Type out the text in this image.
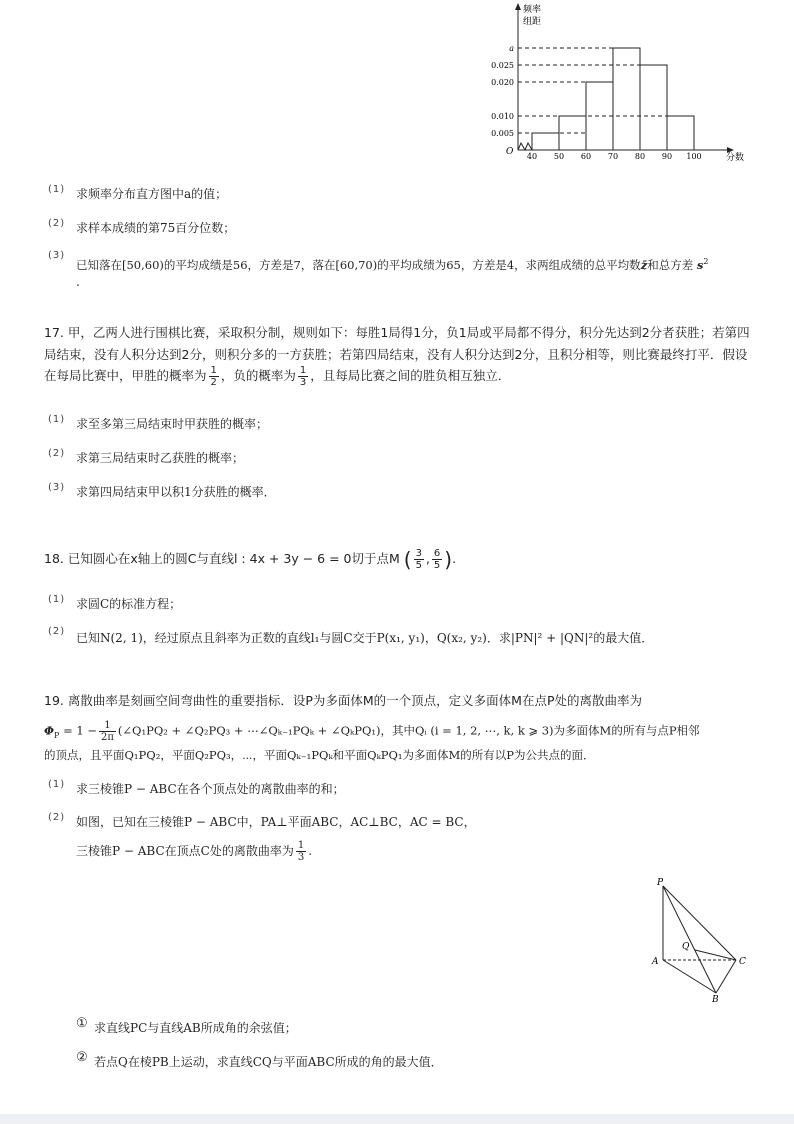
频率
组距
分数
O
a
0.025
0.020
0.010
0.005
40 50 60 70 80 90 100
(1) 求频率分布直方图中a的值；
(2) 求样本成绩的第75百分位数；
(3)
已知落在[50,60)的平均成绩是56，方差是7，落在[60,70)的平均成绩为65，方差是4，求两组成绩的总平均数z̄和总方差 $s^2$
.
17. 甲，乙两人进行围棋比赛，采取积分制，规则如下：每胜1局得1分，负1局或平局都不得分，积分先达到2分者获胜；若第四
局结束，没有人积分达到2分，则积分多的一方获胜；若第四局结束，没有人积分达到2分，且积分相等，则比赛最终打平．假设
在每局比赛中，甲胜的概率为 $\frac{1}{2}$ ，负的概率为 $\frac{1}{3}$ ，且每局比赛之间的胜负相互独立．
(1) 求至多第三局结束时甲获胜的概率；
(2) 求第三局结束时乙获胜的概率；
(3) 求第四局结束甲以积1分获胜的概率．
18. 已知圆心在x轴上的圆C与直线l : 4x + 3y − 6 = 0切于点M ( $\frac{3}{5}$ , $\frac{6}{5}$ ).
(1) 求圆C的标准方程；
(2) 已知N(2, 1)，经过原点且斜率为正数的直线l₁与圆C交于P(x₁, y₁)，Q(x₂, y₂)．求|PN|² + |QN|²的最大值．
19. 离散曲率是刻画空间弯曲性的重要指标．设P为多面体M的一个顶点，定义多面体M在点P处的离散曲率为
$\Phi_P = 1 - \frac{1}{2\pi}$ (∠Q₁PQ₂ + ∠Q₂PQ₃ + ⋯∠Qₖ₋₁PQₖ + ∠QₖPQ₁)，其中Qᵢ (i = 1, 2, ⋯, k, k ⩾ 3)为多面体M的所有与点P相邻
的顶点，且平面Q₁PQ₂，平面Q₂PQ₃，⋯，平面Qₖ₋₁PQₖ和平面QₖPQ₁为多面体M的所有以P为公共点的面．
(1) 求三棱锥P − ABC在各个顶点处的离散曲率的和；
(2) 如图，已知在三棱锥P − ABC中，PA⊥平面ABC，AC⊥BC，AC = BC，
三棱锥P − ABC在顶点C处的离散曲率为 $\frac{1}{3}$ .
P
Q
A	C
B
① 求直线PC与直线AB所成角的余弦值；
② 若点Q在棱PB上运动，求直线CQ与平面ABC所成的角的最大值．
